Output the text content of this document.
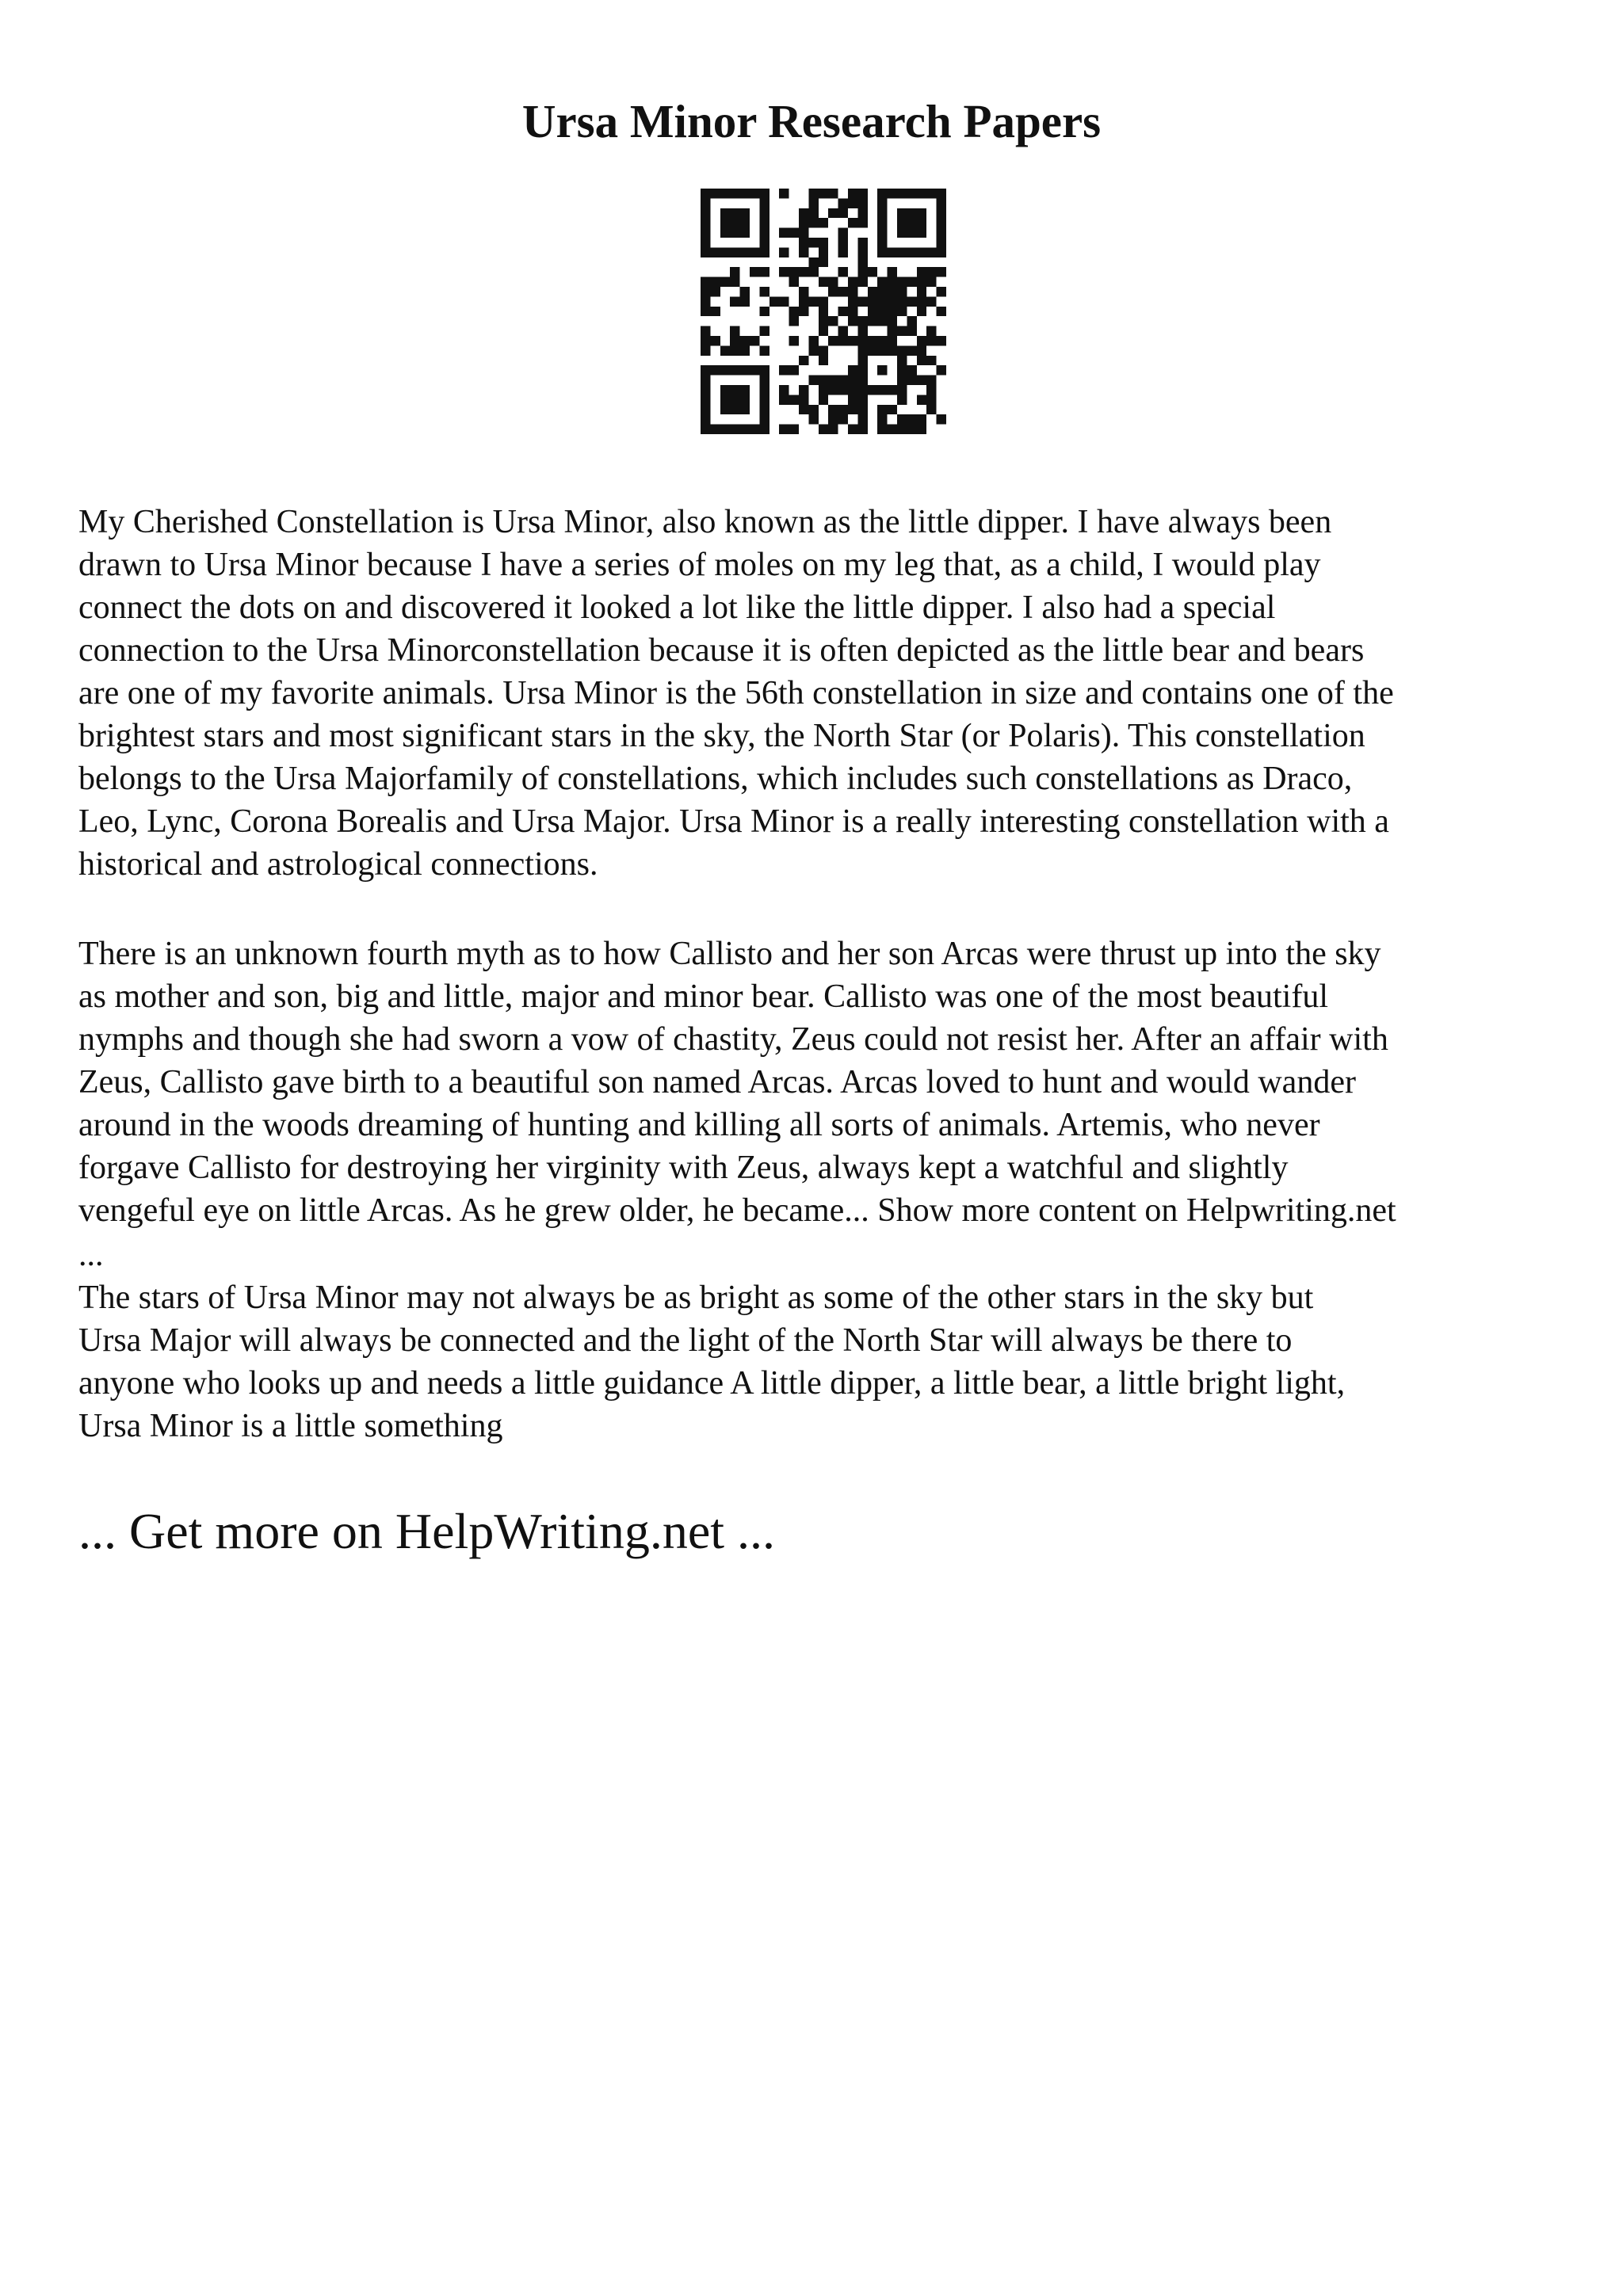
Ursa Minor Research Papers

My Cherished Constellation is Ursa Minor, also known as the little dipper. I have always been
drawn to Ursa Minor because I have a series of moles on my leg that, as a child, I would play
connect the dots on and discovered it looked a lot like the little dipper. I also had a special
connection to the Ursa Minorconstellation because it is often depicted as the little bear and bears
are one of my favorite animals. Ursa Minor is the 56th constellation in size and contains one of the
brightest stars and most significant stars in the sky, the North Star (or Polaris). This constellation
belongs to the Ursa Majorfamily of constellations, which includes such constellations as Draco,
Leo, Lync, Corona Borealis and Ursa Major. Ursa Minor is a really interesting constellation with a
historical and astrological connections.

There is an unknown fourth myth as to how Callisto and her son Arcas were thrust up into the sky
as mother and son, big and little, major and minor bear. Callisto was one of the most beautiful
nymphs and though she had sworn a vow of chastity, Zeus could not resist her. After an affair with
Zeus, Callisto gave birth to a beautiful son named Arcas. Arcas loved to hunt and would wander
around in the woods dreaming of hunting and killing all sorts of animals. Artemis, who never
forgave Callisto for destroying her virginity with Zeus, always kept a watchful and slightly
vengeful eye on little Arcas. As he grew older, he became... Show more content on Helpwriting.net

...

The stars of Ursa Minor may not always be as bright as some of the other stars in the sky but
Ursa Major will always be connected and the light of the North Star will always be there to
anyone who looks up and needs a little guidance A little dipper, a little bear, a little bright light,
Ursa Minor is a little something

... Get more on HelpWriting.net ...
